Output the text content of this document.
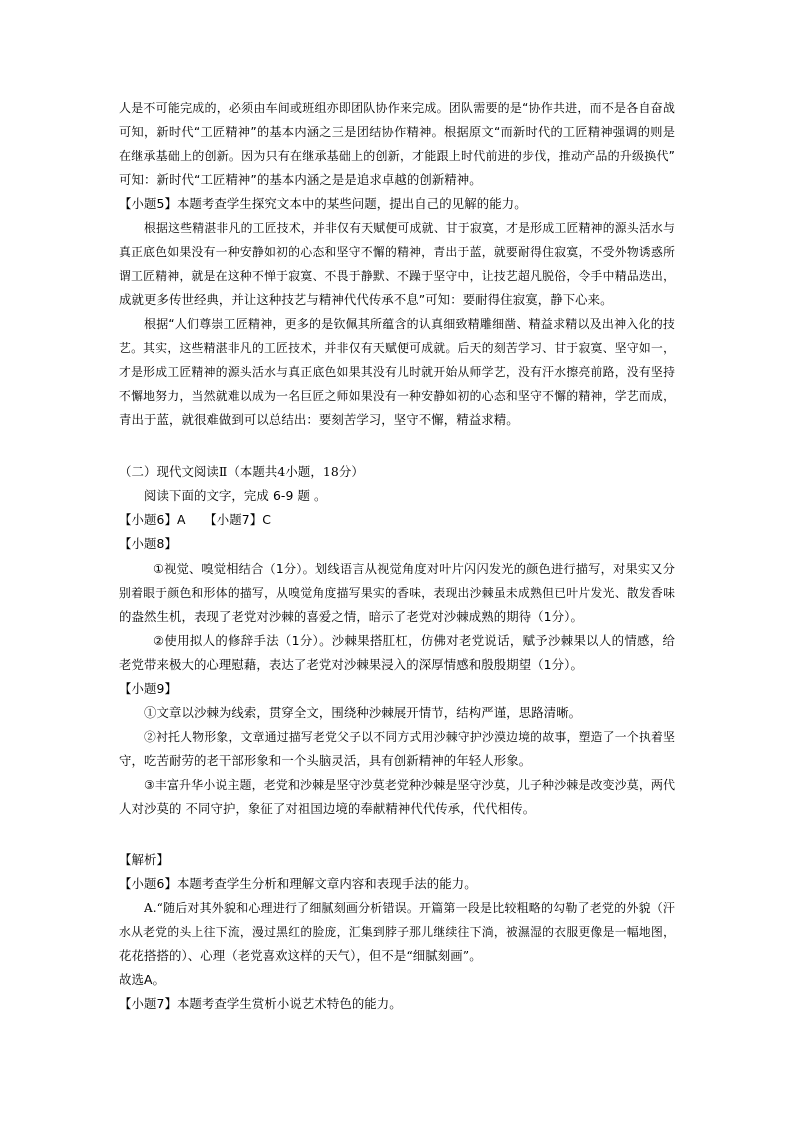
人是不可能完成的，必须由车间或班组亦即团队协作来完成。团队需要的是“协作共进，而不是各自奋战
可知，新时代“工匠精神”的基本内涵之三是团结协作精神。根据原文“而新时代的工匠精神强调的则是
在继承基础上的创新。因为只有在继承基础上的创新，才能跟上时代前进的步伐，推动产品的升级换代”
可知：新时代“工匠精神”的基本内涵之是是追求卓越的创新精神。
【小题5】本题考查学生探究文本中的某些问题，提出自己的见解的能力。
根据这些精湛非凡的工匠技术，并非仅有天赋便可成就、甘于寂寞，才是形成工匠精神的源头活水与
真正底色如果没有一种安静如初的心态和坚守不懈的精神，青出于蓝，就要耐得住寂寞，不受外物诱惑所
谓工匠精神，就是在这种不惮于寂寞、不畏于静默、不躁于坚守中，让技艺超凡脱俗，令手中精品迭出，
成就更多传世经典，并让这种技艺与精神代代传承不息”可知：要耐得住寂寞，静下心来。
根据“人们尊崇工匠精神，更多的是钦佩其所蕴含的认真细致精雕细凿、精益求精以及出神入化的技
艺。其实，这些精湛非凡的工匠技术，并非仅有天赋便可成就。后天的刻苦学习、甘于寂寞、坚守如一，
才是形成工匠精神的源头活水与真正底色如果其没有儿时就开始从师学艺，没有汗水擦亮前路，没有坚持
不懈地努力，当然就难以成为一名巨匠之师如果没有一种安静如初的心态和坚守不懈的精神，学艺而成，
青出于蓝，就很难做到可以总结出：要刻苦学习，坚守不懈，精益求精。
（二）现代文阅读Ⅱ（本题共4小题，18分）
阅读下面的文字，完成 6-9 题 。
【小题6】A　　【小题7】C
【小题8】
①视觉、嗅觉相结合（1分）。划线语言从视觉角度对叶片闪闪发光的颜色进行描写，对果实又分
别着眼于颜色和形体的描写，从嗅觉角度描写果实的香味，表现出沙棘虽未成熟但已叶片发光、散发香味
的盎然生机，表现了老党对沙棘的喜爱之情，暗示了老党对沙棘成熟的期待（1分）。
②使用拟人的修辞手法（1分）。沙棘果搭肛杠，仿佛对老党说话，赋予沙棘果以人的情感，给
老党带来极大的心理慰藉，表达了老党对沙棘果浸入的深厚情感和殷殷期望（1分）。
【小题9】
①文章以沙棘为线索，贯穿全文，围绕种沙棘展开情节，结构严谨，思路清晰。
②衬托人物形象，文章通过描写老党父子以不同方式用沙棘守护沙漠边境的故事，塑造了一个执着坚
守，吃苦耐劳的老干部形象和一个头脑灵活，具有创新精神的年轻人形象。
③丰富升华小说主题，老党和沙棘是坚守沙莫老党种沙棘是坚守沙莫，儿子种沙棘是改变沙莫，两代
人对沙莫的 不同守护，象征了对祖国边境的奉献精神代代传承，代代相传。
【解析】
【小题6】本题考查学生分析和理解文章内容和表现手法的能力。
A.“随后对其外貌和心理进行了细腻刻画分析错误。开篇第一段是比较粗略的勾勒了老党的外貌（汗
水从老党的头上往下流，漫过黑红的脸庞，汇集到脖子那儿继续往下淌，被濕湿的衣服更像是一幅地图，
花花搭搭的）、心理（老党喜欢这样的天气），但不是“细腻刻画”。
故选A。
【小题7】本题考查学生赏析小说艺术特色的能力。
